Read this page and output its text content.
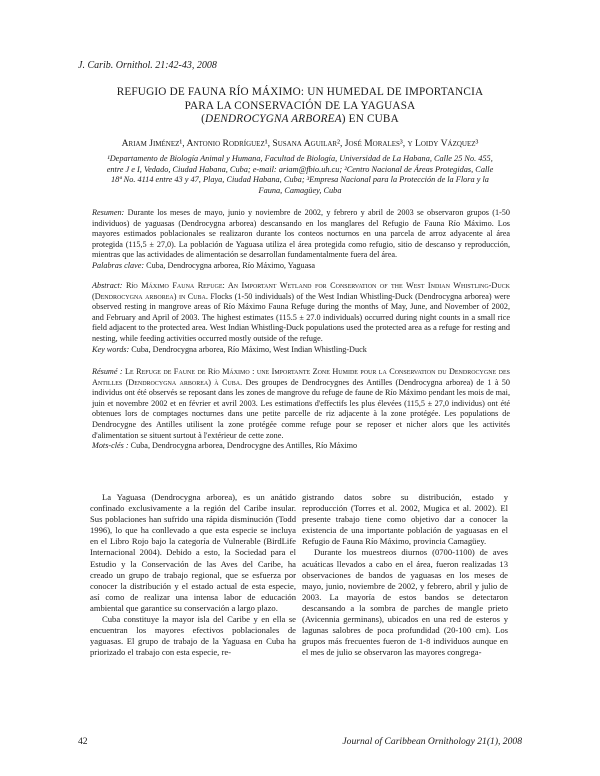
J. Carib. Ornithol. 21:42-43, 2008
REFUGIO DE FAUNA RÍO MÁXIMO: UN HUMEDAL DE IMPORTANCIA
PARA LA CONSERVACIÓN DE LA YAGUASA
(DENDROCYGNA ARBOREA) EN CUBA
Ariam Jiménez¹, Antonio Rodríguez¹, Susana Aguilar², José Morales³, y Loidy Vázquez³
¹Departamento de Biología Animal y Humana, Facultad de Biología, Universidad de La Habana, Calle 25 No. 455, entre J e I, Vedado, Ciudad Habana, Cuba; e-mail: ariam@fbio.uh.cu; ²Centro Nacional de Áreas Protegidas, Calle 18ª No. 4114 entre 43 y 47, Playa, Ciudad Habana, Cuba; ³Empresa Nacional para la Protección de la Flora y la Fauna, Camagüey, Cuba
Resumen: Durante los meses de mayo, junio y noviembre de 2002, y febrero y abril de 2003 se observaron grupos (1-50 individuos) de yaguasas (Dendrocygna arborea) descansando en los manglares del Refugio de Fauna Río Máximo. Los mayores estimados poblacionales se realizaron durante los conteos nocturnos en una parcela de arroz adyacente al área protegida (115,5 ± 27,0). La población de Yaguasa utiliza el área protegida como refugio, sitio de descanso y reproducción, mientras que las actividades de alimentación se desarrollan fundamentalmente fuera del área.
Palabras clave: Cuba, Dendrocygna arborea, Río Máximo, Yaguasa
Abstract: Río Máximo Fauna Refuge: An Important Wetland for Conservation of the West Indian Whistling-Duck (Dendrocygna arborea) in Cuba. Flocks (1-50 individuals) of the West Indian Whistling-Duck (Dendrocygna arborea) were observed resting in mangrove areas of Río Máximo Fauna Refuge during the months of May, June, and November of 2002, and February and April of 2003. The highest estimates (115.5 ± 27.0 individuals) occurred during night counts in a small rice field adjacent to the protected area. West Indian Whistling-Duck populations used the protected area as a refuge for resting and nesting, while feeding activities occurred mostly outside of the refuge.
Key words: Cuba, Dendrocygna arborea, Río Máximo, West Indian Whistling-Duck
Résumé : Le Refuge de Faune de Río Máximo : une Importante Zone Humide pour la Conservation du Dendrocygne des Antilles (Dendrocygna arborea) à Cuba. Des groupes de Dendrocygnes des Antilles (Dendrocygna arborea) de 1 à 50 individus ont été observés se reposant dans les zones de mangrove du refuge de faune de Río Máximo pendant les mois de mai, juin et novembre 2002 et en février et avril 2003. Les estimations d'effectifs les plus élevées (115,5 ± 27,0 individus) ont été obtenues lors de comptages nocturnes dans une petite parcelle de riz adjacente à la zone protégée. Les populations de Dendrocygne des Antilles utilisent la zone protégée comme refuge pour se reposer et nicher alors que les activités d'alimentation se situent surtout à l'extérieur de cette zone.
Mots-clés : Cuba, Dendrocygna arborea, Dendrocygne des Antilles, Río Máximo

La Yaguasa (Dendrocygna arborea), es un anátido confinado exclusivamente a la región del Caribe insular. Sus poblaciones han sufrido una rápida disminución (Todd 1996), lo que ha conllevado a que esta especie se incluya en el Libro Rojo bajo la categoría de Vulnerable (BirdLife Internacional 2004). Debido a esto, la Sociedad para el Estudio y la Conservación de las Aves del Caribe, ha creado un grupo de trabajo regional, que se esfuerza por conocer la distribución y el estado actual de esta especie, así como de realizar una intensa labor de educación ambiental que garantice su conservación a largo plazo.

Cuba constituye la mayor isla del Caribe y en ella se encuentran los mayores efectivos poblacionales de yaguasas. El grupo de trabajo de la Yaguasa en Cuba ha priorizado el trabajo con esta especie, re-

gistrando datos sobre su distribución, estado y reproducción (Torres et al. 2002, Mugica et al. 2002). El presente trabajo tiene como objetivo dar a conocer la existencia de una importante población de yaguasas en el Refugio de Fauna Río Máximo, provincia Camagüey.

Durante los muestreos diurnos (0700-1100) de aves acuáticas llevados a cabo en el área, fueron realizadas 13 observaciones de bandos de yaguasas en los meses de mayo, junio, noviembre de 2002, y febrero, abril y julio de 2003. La mayoría de estos bandos se detectaron descansando a la sombra de parches de mangle prieto (Avicennia germinans), ubicados en una red de esteros y lagunas salobres de poca profundidad (20-100 cm). Los grupos más frecuentes fueron de 1-8 individuos aunque en el mes de julio se observaron las mayores congrega-

42	Journal of Caribbean Ornithology 21(1), 2008
